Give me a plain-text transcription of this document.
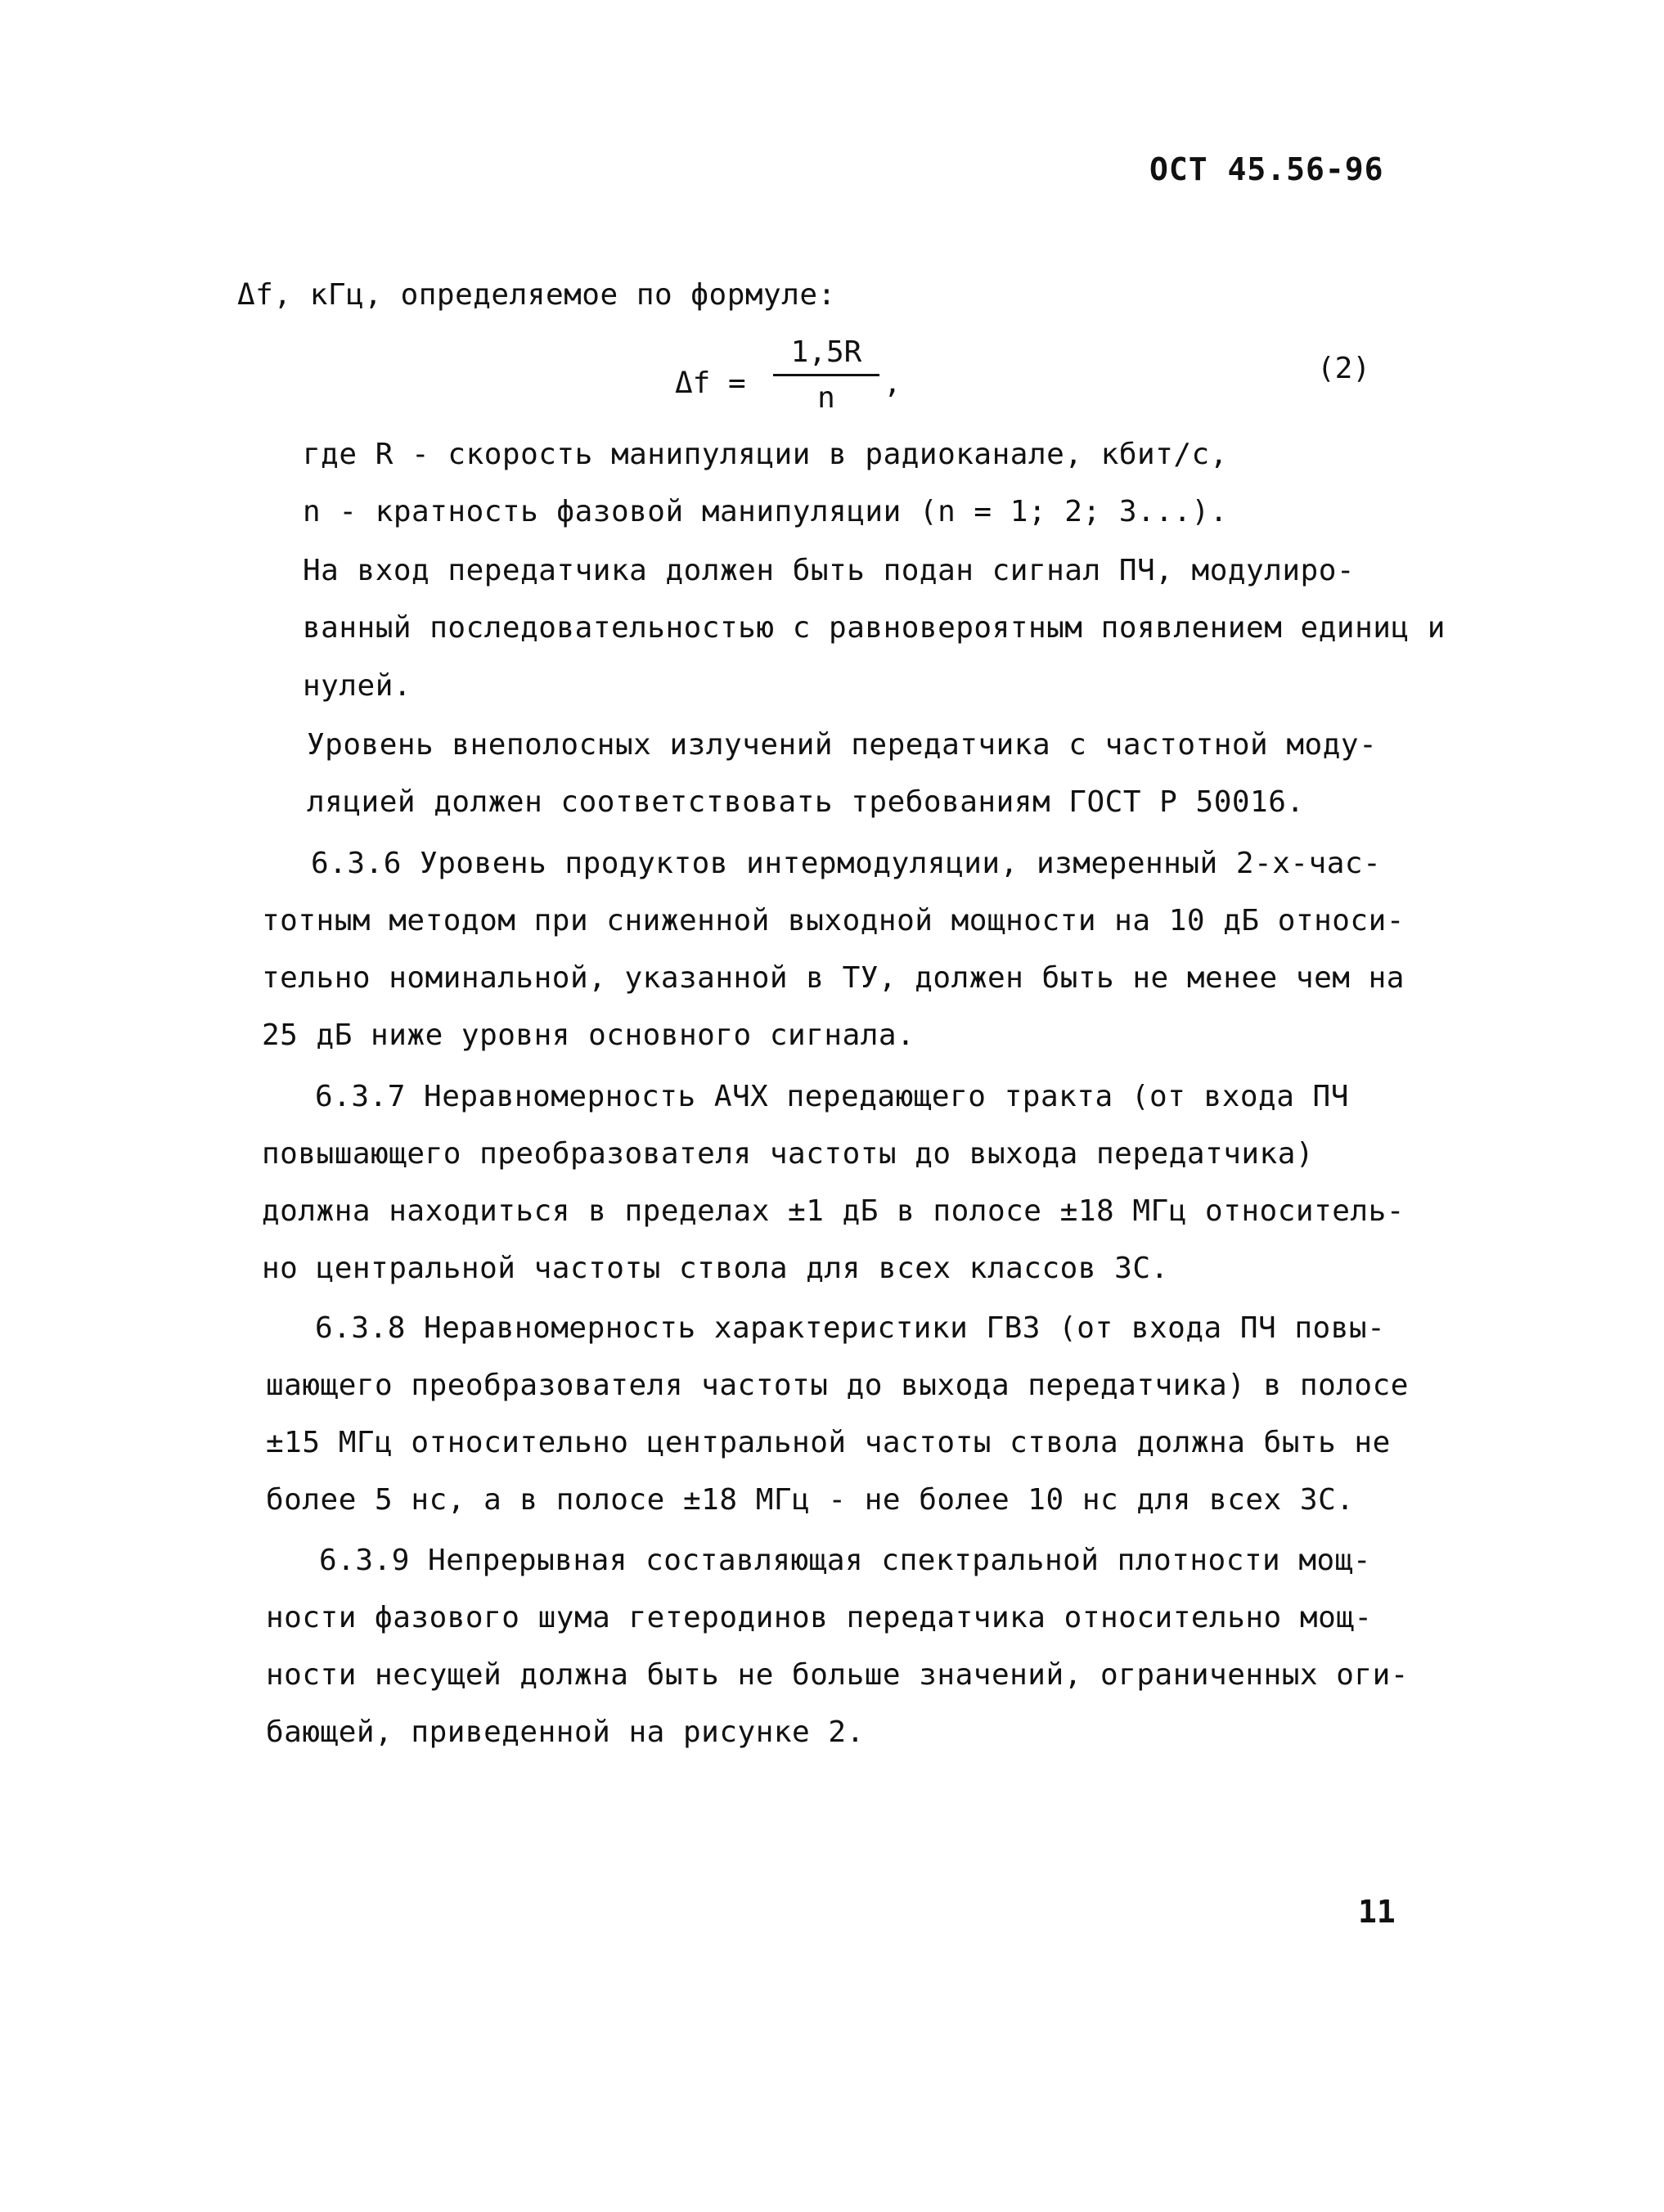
ОСТ 45.56-96
Δf, кГц, определяемое по формуле:
Δf =
1,5R
n	,	(2)
где R - скорость манипуляции в радиоканале, кбит/с,
n - кратность фазовой манипуляции (n = 1; 2; 3...).
На вход передатчика должен быть подан сигнал ПЧ, модулиро-
ванный последовательностью с равновероятным появлением единиц и
нулей.
Уровень внеполосных излучений передатчика с частотной моду-
ляцией должен соответствовать требованиям ГОСТ Р 50016.
6.3.6 Уровень продуктов интермодуляции, измеренный 2-х-час-
тотным методом при сниженной выходной мощности на 10 дБ относи-
тельно номинальной, указанной в ТУ, должен быть не менее чем на
25 дБ ниже уровня основного сигнала.
6.3.7 Неравномерность АЧХ передающего тракта (от входа ПЧ
повышающего преобразователя частоты до выхода передатчика)
должна находиться в пределах ±1 дБ в полосе ±18 МГц относитель-
но центральной частоты ствола для всех классов ЗС.
6.3.8 Неравномерность характеристики ГВЗ (от входа ПЧ повы-
шающего преобразователя частоты до выхода передатчика) в полосе
±15 МГц относительно центральной частоты ствола должна быть не
более 5 нс, а в полосе ±18 МГц - не более 10 нс для всех ЗС.
6.3.9 Непрерывная составляющая спектральной плотности мощ-
ности фазового шума гетеродинов передатчика относительно мощ-
ности несущей должна быть не больше значений, ограниченных оги-
бающей, приведенной на рисунке 2.
11
